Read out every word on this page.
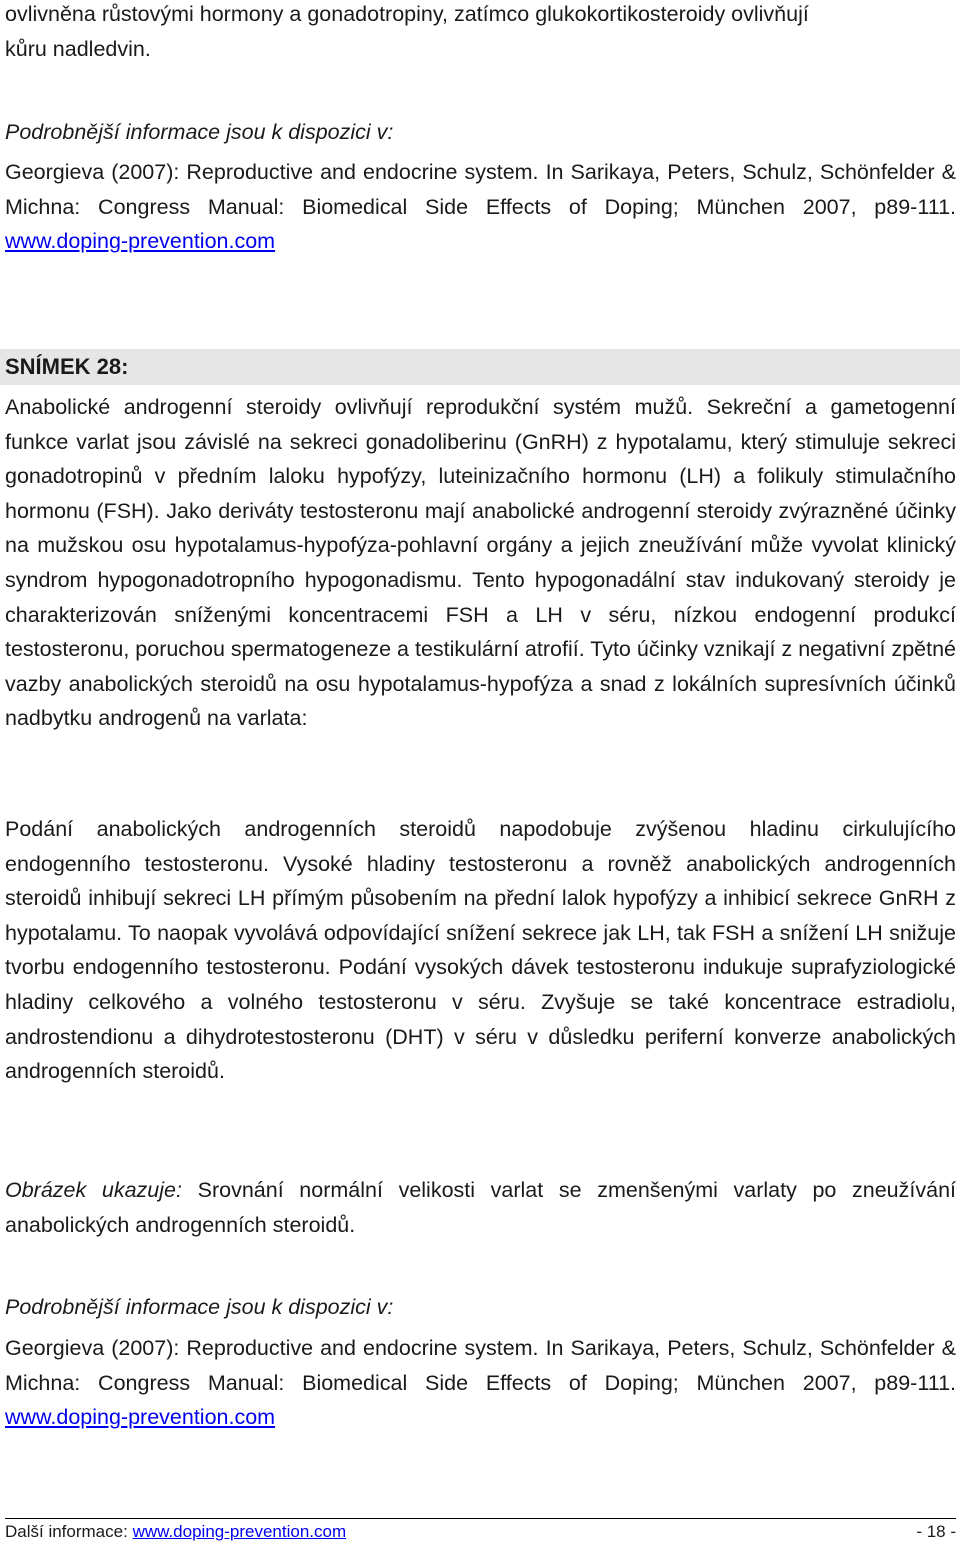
ovlivněna růstovými hormony a gonadotropiny, zatímco glukokortikosteroidy ovlivňují
kůru nadledvin.

Podrobnější informace jsou k dispozici v:

Georgieva (2007): Reproductive and endocrine system. In Sarikaya, Peters, Schulz, Schönfelder & Michna: Congress Manual: Biomedical Side Effects of Doping; München 2007, p89-111. www.doping-prevention.com

SNÍMEK 28:

Anabolické androgenní steroidy ovlivňují reprodukční systém mužů. Sekreční a gametogenní funkce varlat jsou závislé na sekreci gonadoliberinu (GnRH) z hypotalamu, který stimuluje sekreci gonadotropinů v předním laloku hypofýzy, luteinizačního hormonu (LH) a folikuly stimulačního hormonu (FSH). Jako deriváty testosteronu mají anabolické androgenní steroidy zvýrazněné účinky na mužskou osu hypotalamus-hypofýza-pohlavní orgány a jejich zneužívání může vyvolat klinický syndrom hypogonadotropního hypogonadismu. Tento hypogonadální stav indukovaný steroidy je charakterizován sníženými koncentracemi FSH a LH v séru, nízkou endogenní produkcí testosteronu, poruchou spermatogeneze a testikulární atrofií. Tyto účinky vznikají z negativní zpětné vazby anabolických steroidů na osu hypotalamus-hypofýza a snad z lokálních supresívních účinků nadbytku androgenů na varlata:

Podání anabolických androgenních steroidů napodobuje zvýšenou hladinu cirkulujícího endogenního testosteronu. Vysoké hladiny testosteronu a rovněž anabolických androgenních steroidů inhibují sekreci LH přímým působením na přední lalok hypofýzy a inhibicí sekrece GnRH z hypotalamu. To naopak vyvolává odpovídající snížení sekrece jak LH, tak FSH a snížení LH snižuje tvorbu endogenního testosteronu. Podání vysokých dávek testosteronu indukuje suprafyziologické hladiny celkového a volného testosteronu v séru. Zvyšuje se také koncentrace estradiolu, androstendionu a dihydrotestosteronu (DHT) v séru v důsledku periferní konverze anabolických androgenních steroidů.

Obrázek ukazuje: Srovnání normální velikosti varlat se zmenšenými varlaty po zneužívání anabolických androgenních steroidů.

Podrobnější informace jsou k dispozici v:

Georgieva (2007): Reproductive and endocrine system. In Sarikaya, Peters, Schulz, Schönfelder & Michna: Congress Manual: Biomedical Side Effects of Doping; München 2007, p89-111. www.doping-prevention.com

Další informace: www.doping-prevention.com	- 18 -
